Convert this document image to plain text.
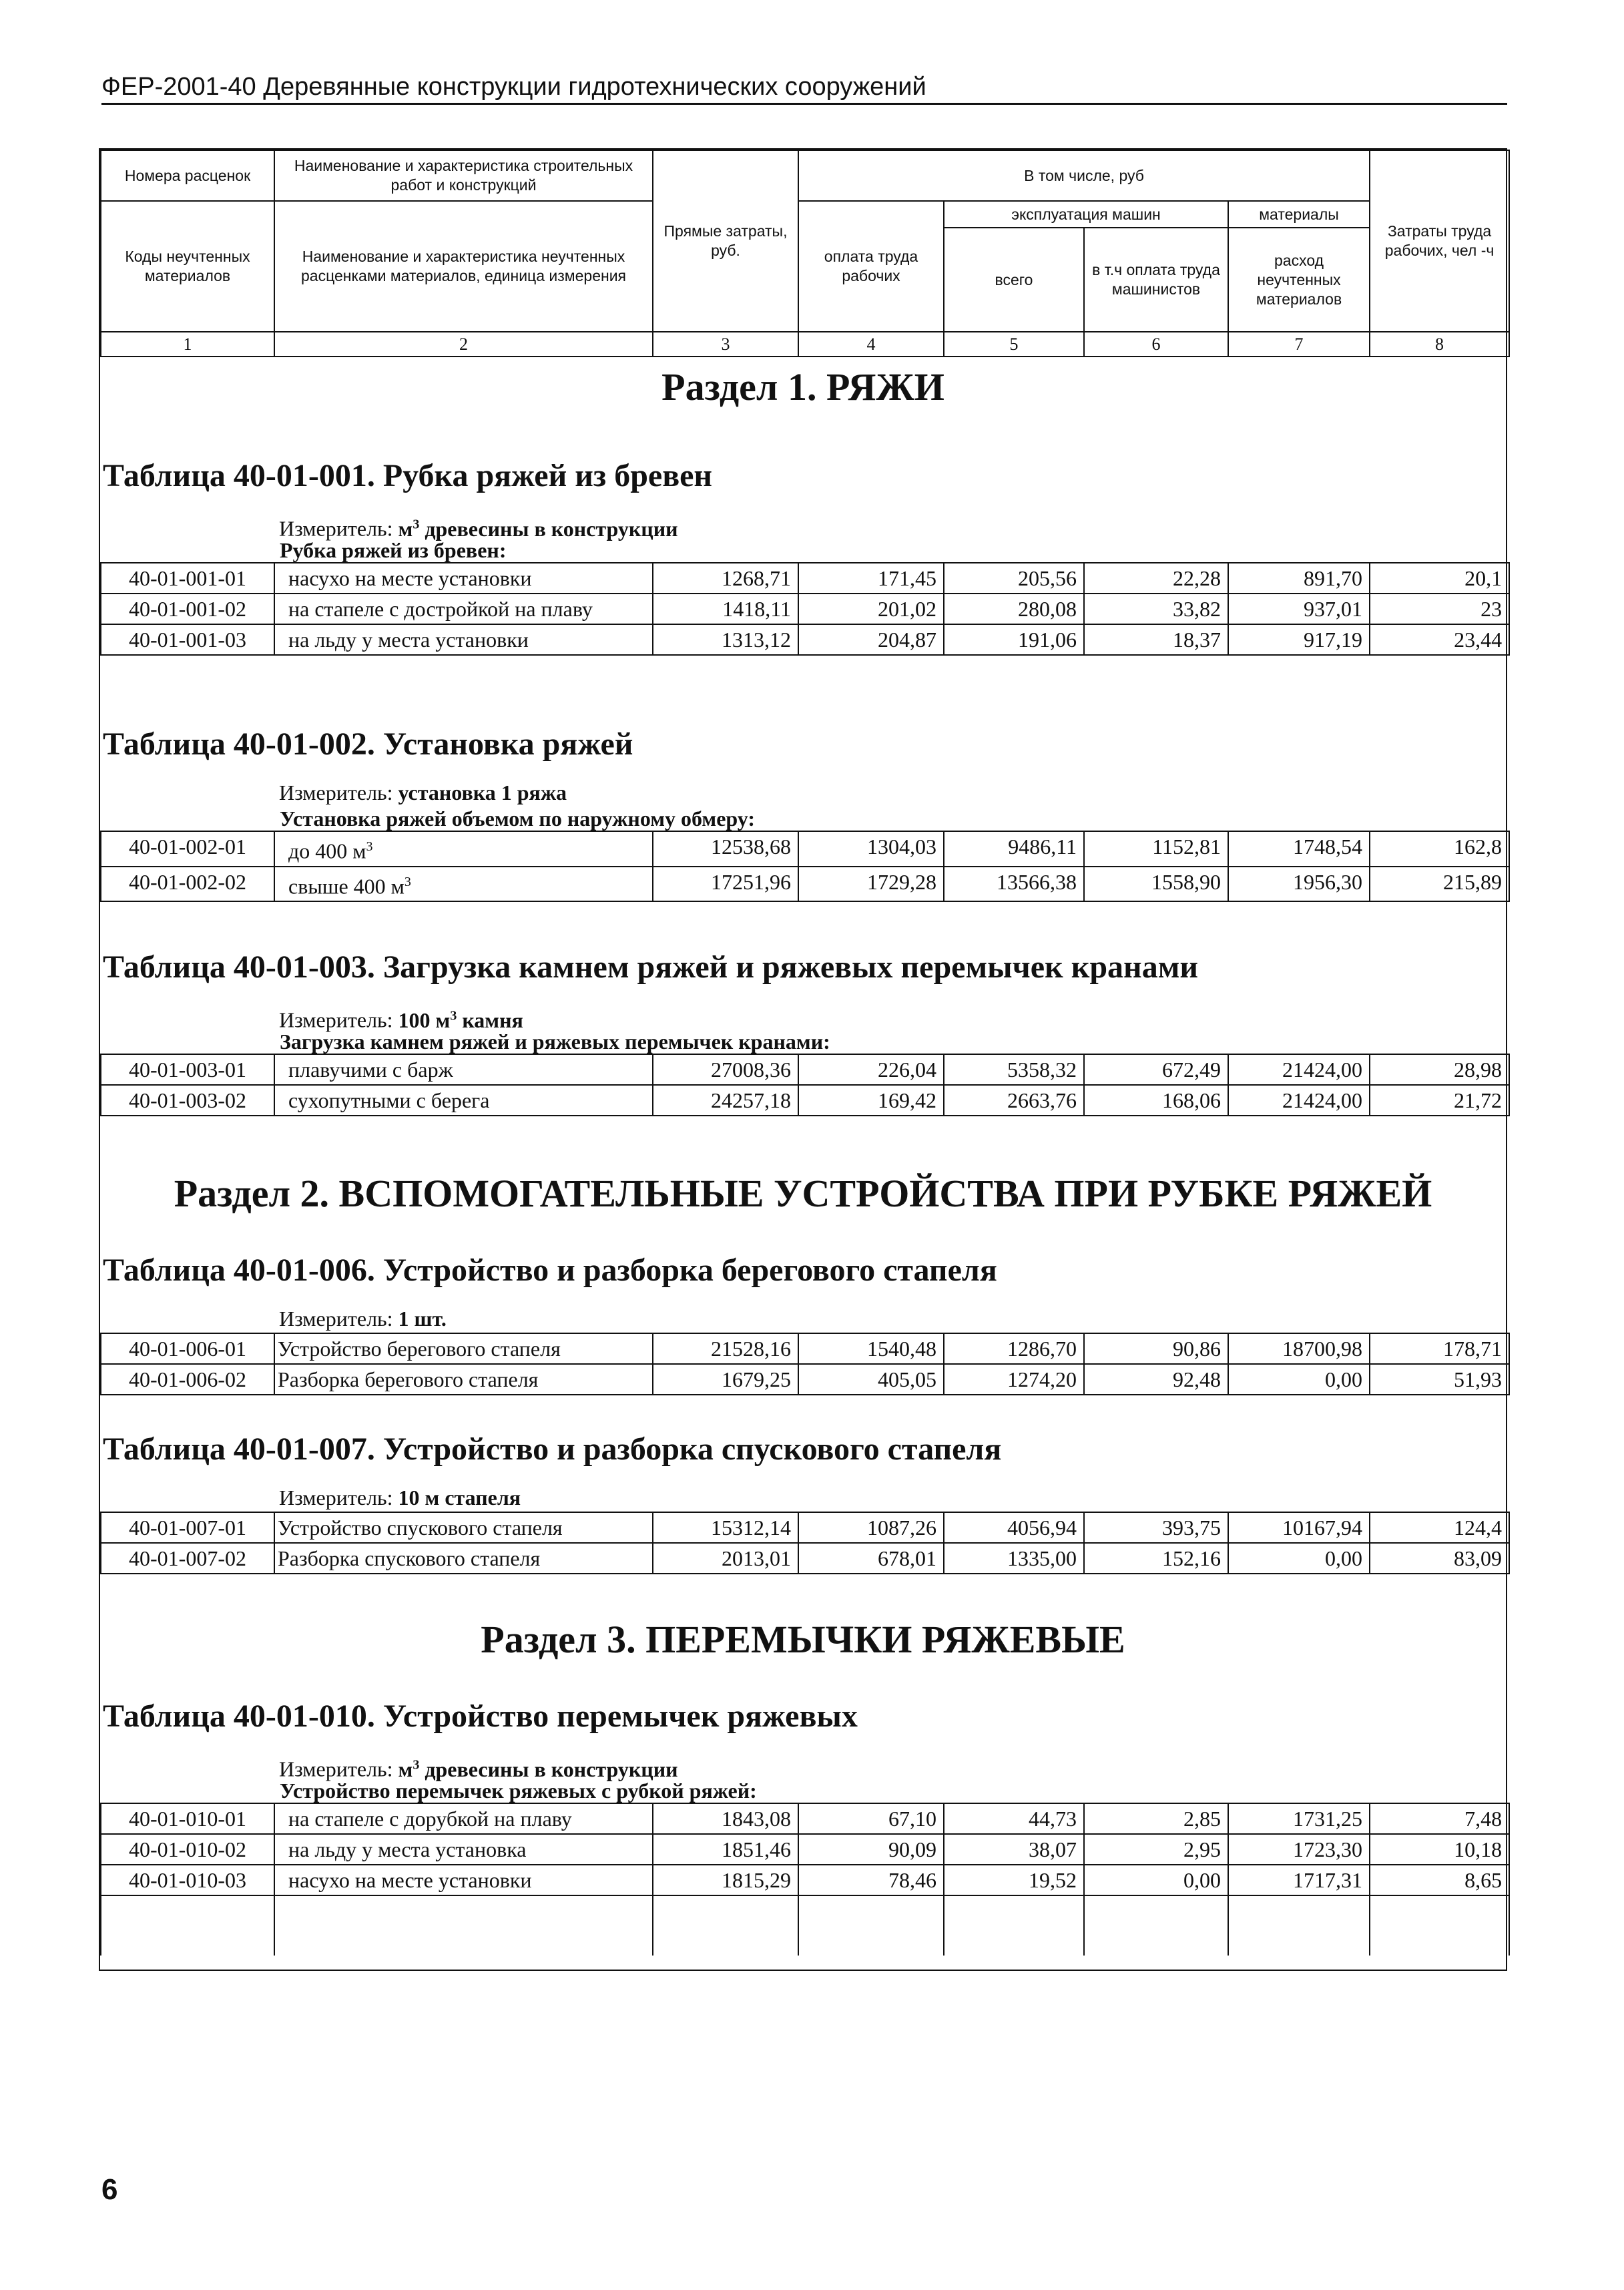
ФЕР-2001-40 Деревянные конструкции гидротехнических сооружений
Номера расценок	Наименование и характеристика строительных работ и конструкций	Прямые затраты, руб.	В том числе, руб				Затраты труда рабочих, чел -ч
Коды неучтенных материалов	Наименование и характеристика неучтенных расценками материалов, единица измерения		оплата труда рабочих	эксплуатация машин		материалы	
				всего	в т.ч оплата труда машинистов	расход неучтенных материалов	
1	2	3	4	5	6	7	8
Раздел 1. РЯЖИ
Таблица 40-01-001. Рубка ряжей из бревен
Измеритель: $м^3$ древесины в конструкции
Рубка ряжей из бревен:							
40-01-001-01	насухо на месте установки	1268,71	171,45	205,56	22,28	891,70	20,1
40-01-001-02	на стапеле с достройкой на плаву	1418,11	201,02	280,08	33,82	937,01	23
40-01-001-03	на льду у места установки	1313,12	204,87	191,06	18,37	917,19	23,44
Таблица 40-01-002. Установка ряжей
Измеритель: установка 1 ряжа
Установка ряжей объемом по наружному обмеру:							
40-01-002-01	до 400 $м^3$	12538,68	1304,03	9486,11	1152,81	1748,54	162,8
40-01-002-02	свыше 400 $м^3$	17251,96	1729,28	13566,38	1558,90	1956,30	215,89
Таблица 40-01-003. Загрузка камнем ряжей и ряжевых перемычек кранами
Измеритель: 100 $м^3$ камня
Загрузка камнем ряжей и ряжевых перемычек кранами:							
40-01-003-01	плавучими с барж	27008,36	226,04	5358,32	672,49	21424,00	28,98
40-01-003-02	сухопутными с берега	24257,18	169,42	2663,76	168,06	21424,00	21,72
Раздел 2. ВСПОМОГАТЕЛЬНЫЕ УСТРОЙСТВА ПРИ РУБКЕ РЯЖЕЙ
Таблица 40-01-006. Устройство и разборка берегового стапеля
Измеритель: 1 шт.
40-01-006-01	Устройство берегового стапеля	21528,16	1540,48	1286,70	90,86	18700,98	178,71
40-01-006-02	Разборка берегового стапеля	1679,25	405,05	1274,20	92,48	0,00	51,93
Таблица 40-01-007. Устройство и разборка спускового стапеля
Измеритель: 10 м стапеля
40-01-007-01	Устройство спускового стапеля	15312,14	1087,26	4056,94	393,75	10167,94	124,4
40-01-007-02	Разборка спускового стапеля	2013,01	678,01	1335,00	152,16	0,00	83,09
Раздел 3. ПЕРЕМЫЧКИ РЯЖЕВЫЕ
Таблица 40-01-010. Устройство перемычек ряжевых
Измеритель: $м^3$ древесины в конструкции
Устройство перемычек ряжевых с рубкой ряжей:							
40-01-010-01	на стапеле с дорубкой на плаву	1843,08	67,10	44,73	2,85	1731,25	7,48
40-01-010-02	на льду у места установка	1851,46	90,09	38,07	2,95	1723,30	10,18
40-01-010-03	насухо на месте установки	1815,29	78,46	19,52	0,00	1717,31	8,65

6
